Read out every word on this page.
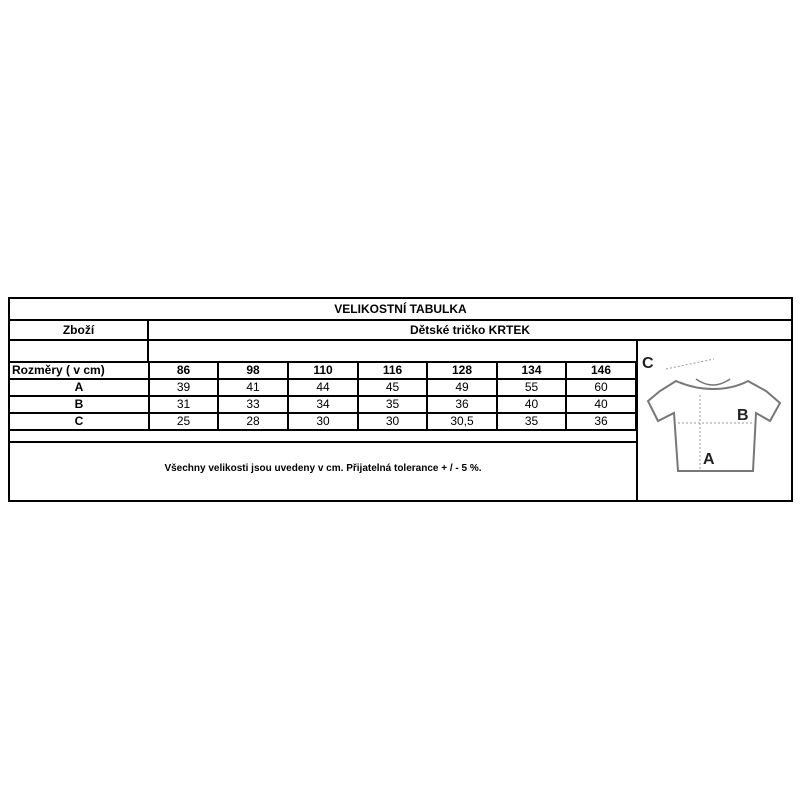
VELIKOSTNÍ TABULKA
Zboží	Dětské tričko KRTEK
Rozměry ( v cm)	86	98	110	116	128	134	146
A	39	41	44	45	49	55	60
B	31	33	34	35	36	40	40
C	25	28	30	30	30,5	35	36
Všechny velikosti jsou uvedeny v cm. Přijatelná tolerance + / - 5 %.
C
B
A
